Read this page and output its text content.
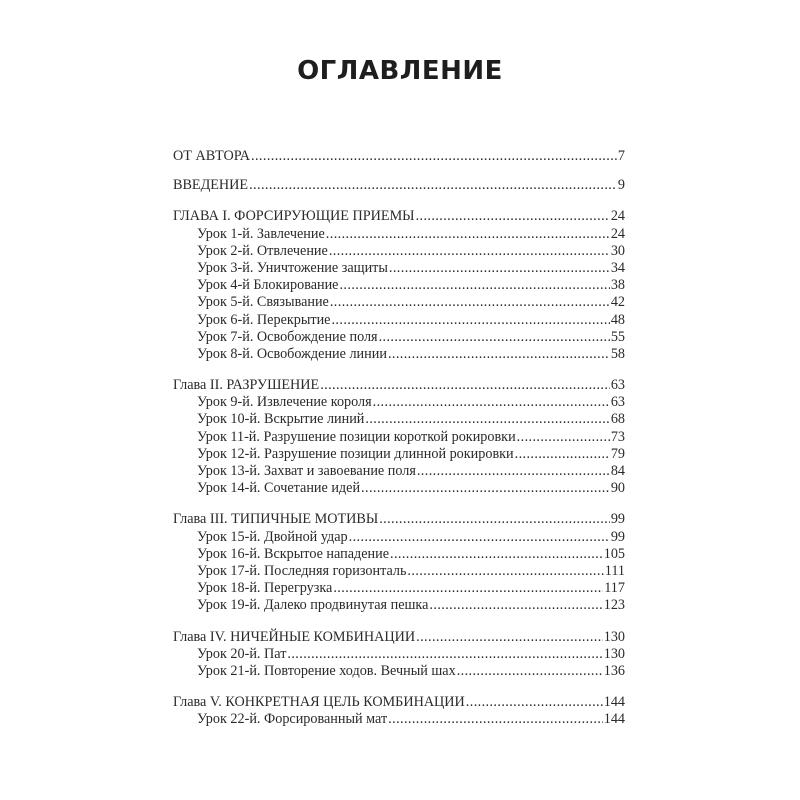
ОГЛАВЛЕНИЕ
ОТ АВТОРА .....	7
ВВЕДЕНИЕ .....	9
ГЛАВА I. ФОРСИРУЮЩИЕ ПРИЕМЫ .....	24
Урок 1-й. Завлечение .....	24
Урок 2-й. Отвлечение .....	30
Урок 3-й. Уничтожение защиты .....	34
Урок 4-й Блокирование .....	38
Урок 5-й. Связывание .....	42
Урок 6-й. Перекрытие .....	48
Урок 7-й. Освобождение поля .....	55
Урок 8-й. Освобождение линии .....	58
Глава II. РАЗРУШЕНИЕ .....	63
Урок 9-й. Извлечение короля .....	63
Урок 10-й. Вскрытие линий .....	68
Урок 11-й. Разрушение позиции короткой рокировки .....	73
Урок 12-й. Разрушение позиции длинной рокировки .....	79
Урок 13-й. Захват и завоевание поля .....	84
Урок 14-й. Сочетание идей .....	90
Глава III. ТИПИЧНЫЕ МОТИВЫ .....	99
Урок 15-й. Двойной удар .....	99
Урок 16-й. Вскрытое нападение .....	105
Урок 17-й. Последняя горизонталь .....	111
Урок 18-й. Перегрузка .....	117
Урок 19-й. Далеко продвинутая пешка .....	123
Глава IV. НИЧЕЙНЫЕ КОМБИНАЦИИ .....	130
Урок 20-й. Пат .....	130
Урок 21-й. Повторение ходов. Вечный шах .....	136
Глава V. КОНКРЕТНАЯ ЦЕЛЬ КОМБИНАЦИИ .....	144
Урок 22-й. Форсированный мат .....	144
